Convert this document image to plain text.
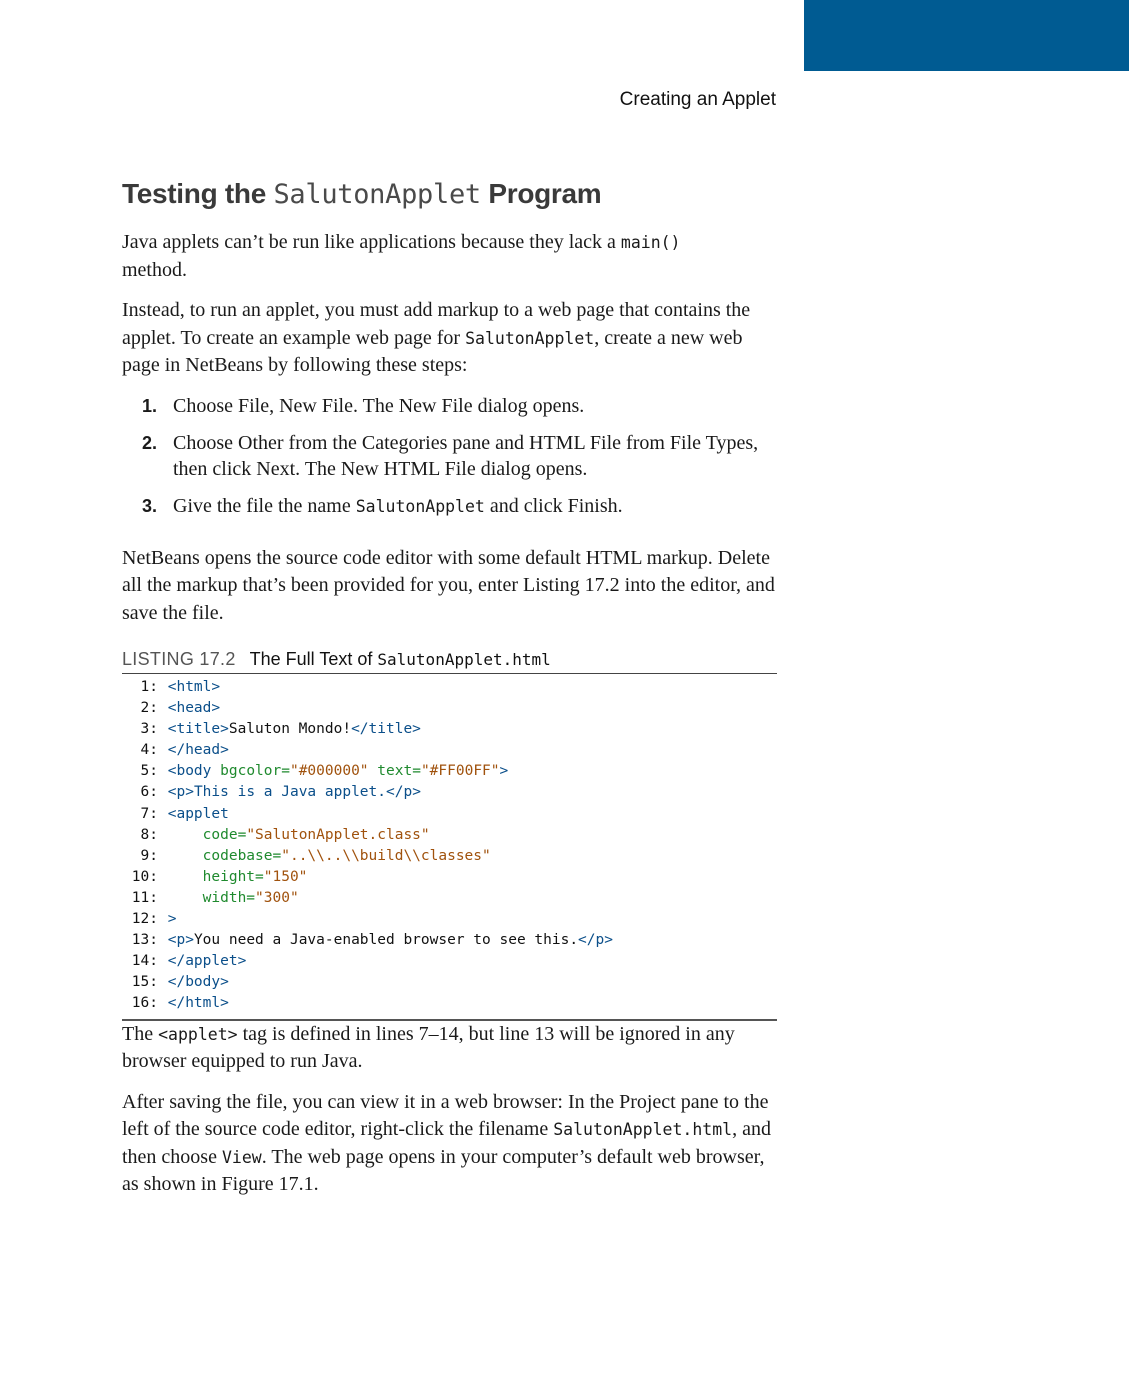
Creating an Applet
Testing the SalutonApplet Program

Java applets can’t be run like applications because they lack a main()
method.

Instead, to run an applet, you must add markup to a web page that contains the applet. To create an example web page for SalutonApplet, create a new web page in NetBeans by following these steps:

1. Choose File, New File. The New File dialog opens.
2. Choose Other from the Categories pane and HTML File from File Types, then click Next. The New HTML File dialog opens.
3. Give the file the name SalutonApplet and click Finish.

NetBeans opens the source code editor with some default HTML markup. Delete all the markup that’s been provided for you, enter Listing 17.2 into the editor, and save the file.

LISTING 17.2 The Full Text of SalutonApplet.html
1: <html>
2: <head>
3: <title>Saluton Mondo!</title>
4: </head>
5: <body bgcolor="#000000" text="#FF00FF">
6: <p>This is a Java applet.</p>
7: <applet
8:     code="SalutonApplet.class"
9:     codebase="..\\..\\build\\classes"
10:     height="150"
11:     width="300"
12: >
13: <p>You need a Java-enabled browser to see this.</p>
14: </applet>
15: </body>
16: </html>

The <applet> tag is defined in lines 7–14, but line 13 will be ignored in any browser equipped to run Java.

After saving the file, you can view it in a web browser: In the Project pane to the left of the source code editor, right-click the filename SalutonApplet.html, and then choose View. The web page opens in your computer’s default web browser, as shown in Figure 17.1.
